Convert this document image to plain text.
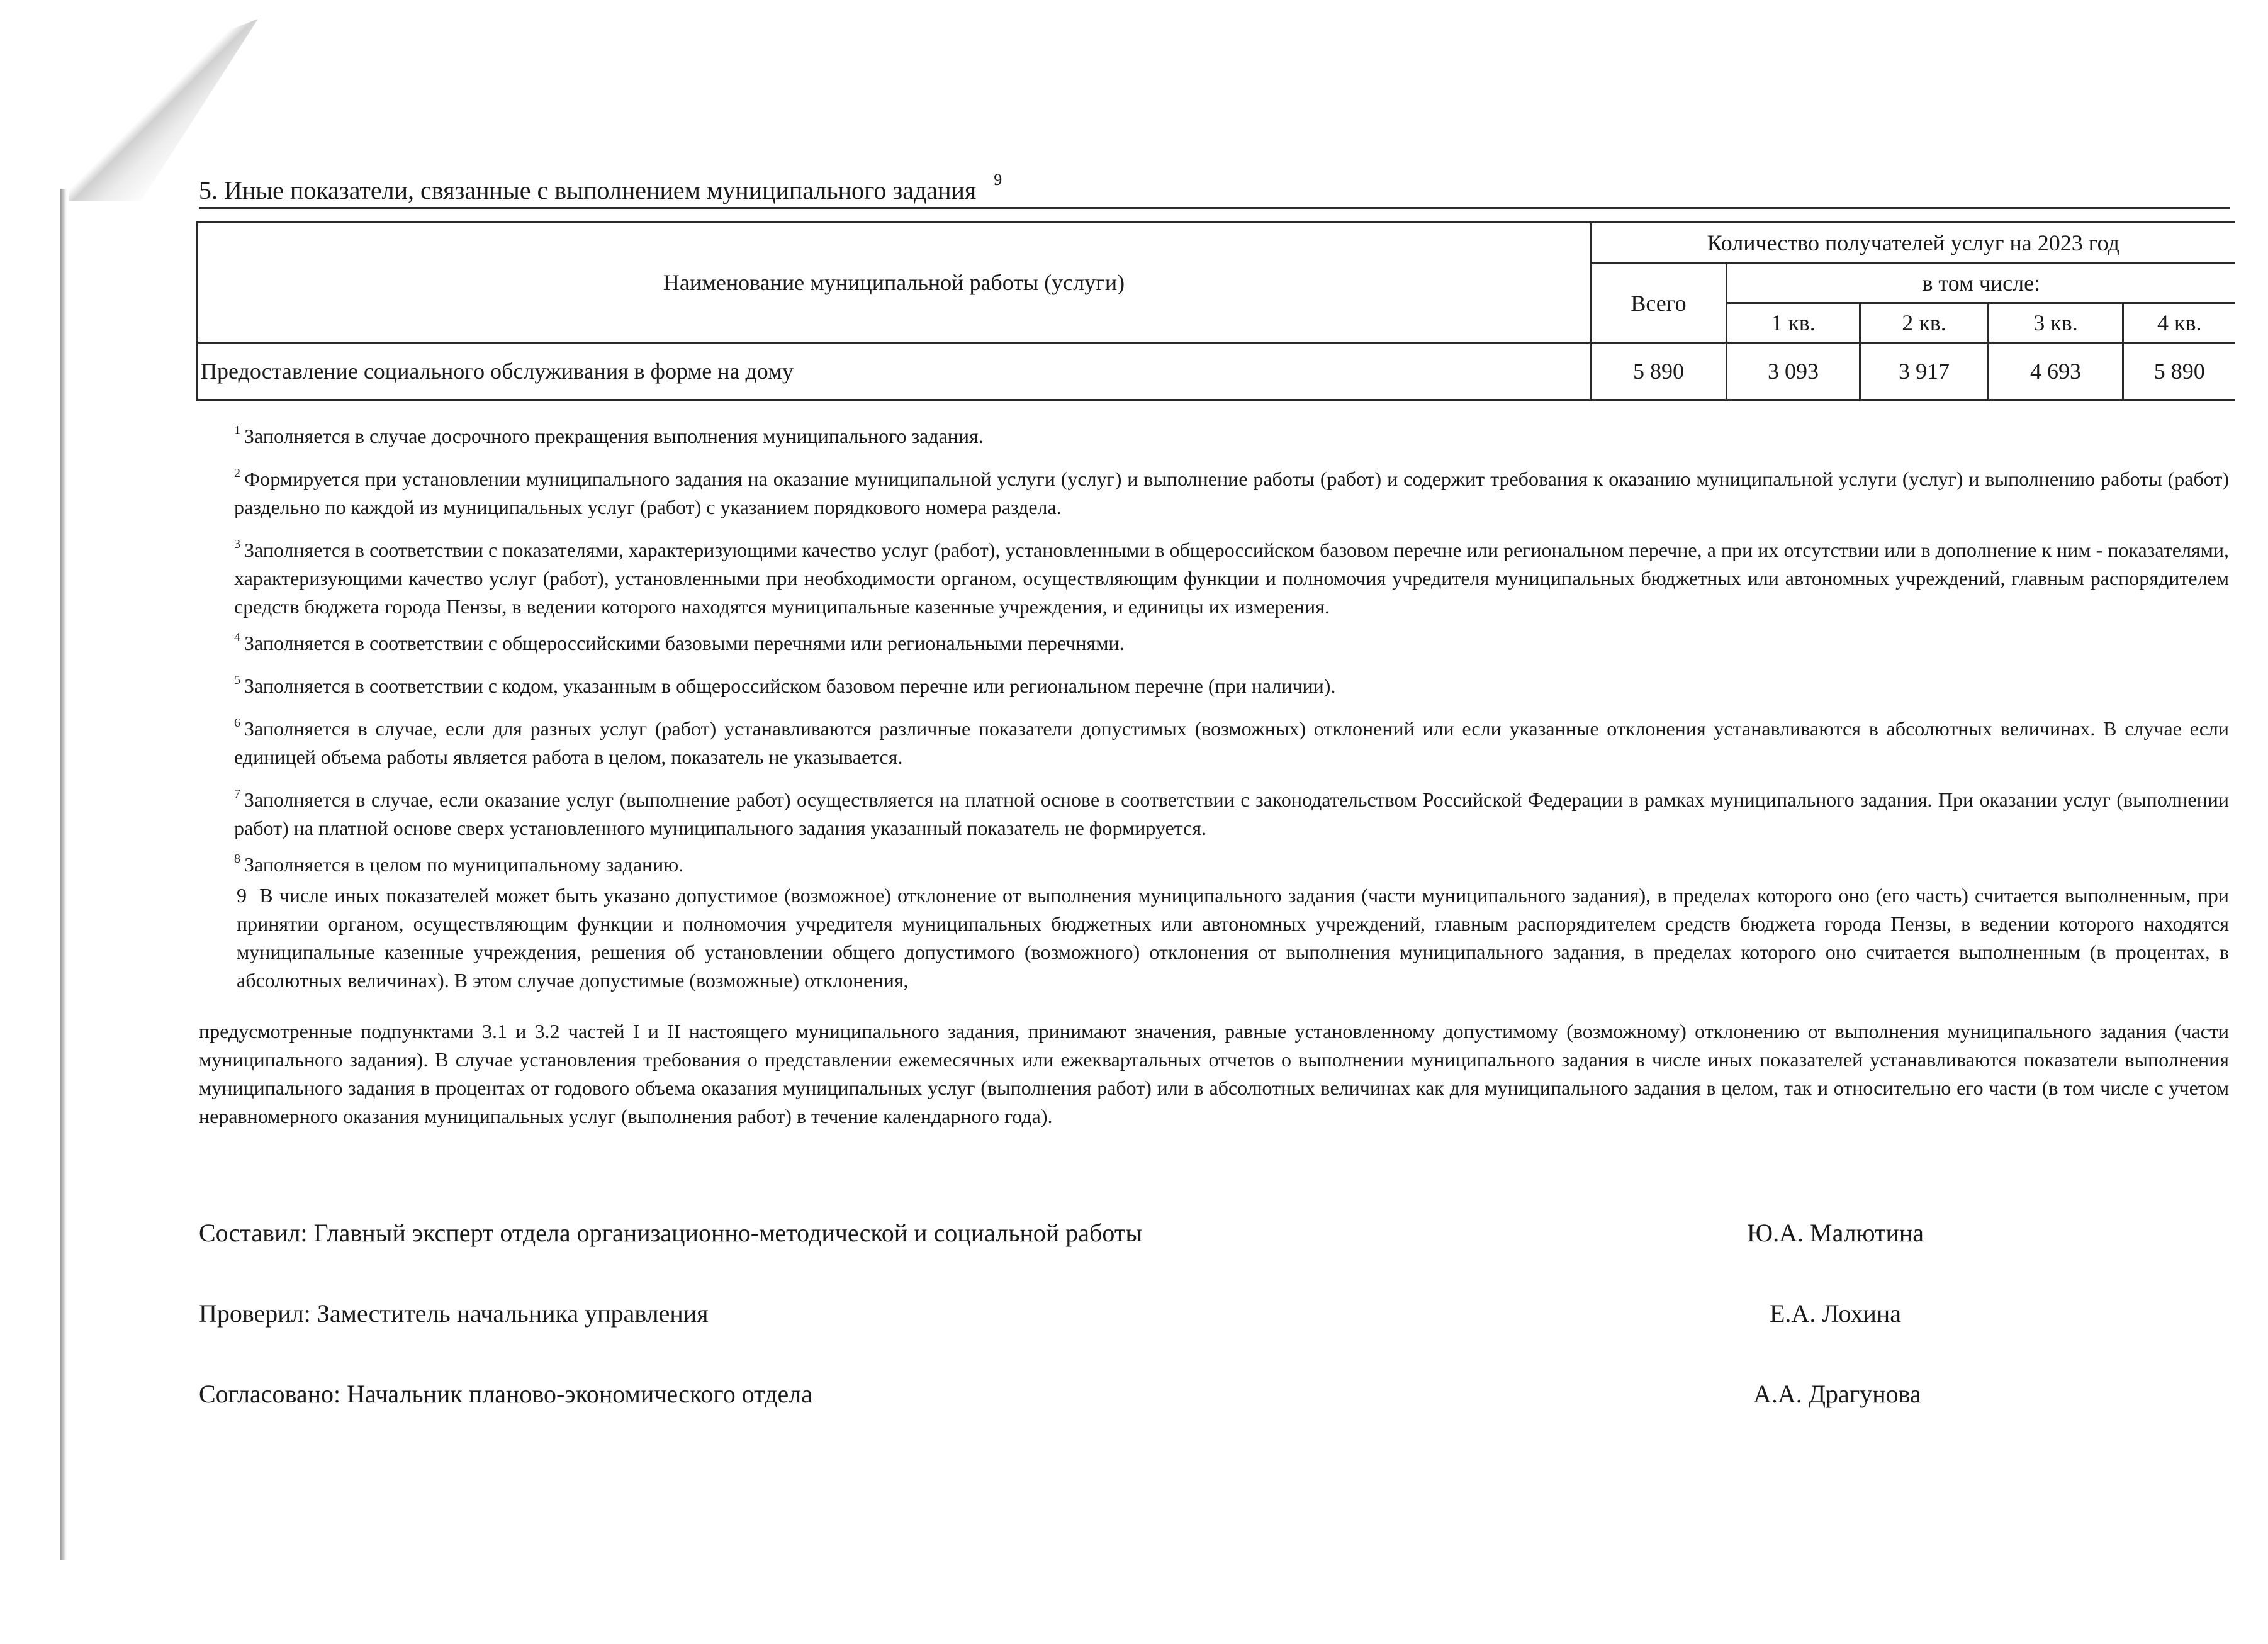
5. Иные показатели, связанные с выполнением муниципального задания $^9$
Наименование муниципальной работы (услуги)	Количество получателей услуг на 2023 год				
	Всего	в том числе:			
		1 кв.	2 кв.	3 кв.	4 кв.
Предоставление социального обслуживания в форме на дому	5 890	3 093	3 917	4 693	5 890

$^1$ Заполняется в случае досрочного прекращения выполнения муниципального задания.

$^2$ Формируется при установлении муниципального задания на оказание муниципальной услуги (услуг) и выполнение работы (работ) и содержит требования к оказанию муниципальной услуги (услуг) и выполнению работы (работ) раздельно по каждой из муниципальных услуг (работ) с указанием порядкового номера раздела.

$^3$ Заполняется в соответствии с показателями, характеризующими качество услуг (работ), установленными в общероссийском базовом перечне или региональном перечне, а при их отсутствии или в дополнение к ним - показателями, характеризующими качество услуг (работ), установленными при необходимости органом, осуществляющим функции и полномочия учредителя муниципальных бюджетных или автономных учреждений, главным распорядителем средств бюджета города Пензы, в ведении которого находятся муниципальные казенные учреждения, и единицы их измерения.

$^4$ Заполняется в соответствии с общероссийскими базовыми перечнями или региональными перечнями.

$^5$ Заполняется в соответствии с кодом, указанным в общероссийском базовом перечне или региональном перечне (при наличии).

$^6$ Заполняется в случае, если для разных услуг (работ) устанавливаются различные показатели допустимых (возможных) отклонений или если указанные отклонения устанавливаются в абсолютных величинах. В случае если единицей объема работы является работа в целом, показатель не указывается.

$^7$ Заполняется в случае, если оказание услуг (выполнение работ) осуществляется на платной основе в соответствии с законодательством Российской Федерации в рамках муниципального задания. При оказании услуг (выполнении работ) на платной основе сверх установленного муниципального задания указанный показатель не формируется.

$^8$ Заполняется в целом по муниципальному заданию.

9 В числе иных показателей может быть указано допустимое (возможное) отклонение от выполнения муниципального задания (части муниципального задания), в пределах которого оно (его часть) считается выполненным, при принятии органом, осуществляющим функции и полномочия учредителя муниципальных бюджетных или автономных учреждений, главным распорядителем средств бюджета города Пензы, в ведении которого находятся муниципальные казенные учреждения, решения об установлении общего допустимого (возможного) отклонения от выполнения муниципального задания, в пределах которого оно считается выполненным (в процентах, в абсолютных величинах). В этом случае допустимые (возможные) отклонения,

предусмотренные подпунктами 3.1 и 3.2 частей I и II настоящего муниципального задания, принимают значения, равные установленному допустимому (возможному) отклонению от выполнения муниципального задания (части муниципального задания). В случае установления требования о представлении ежемесячных или ежеквартальных отчетов о выполнении муниципального задания в числе иных показателей устанавливаются показатели выполнения муниципального задания в процентах от годового объема оказания муниципальных услуг (выполнения работ) или в абсолютных величинах как для муниципального задания в целом, так и относительно его части (в том числе с учетом неравномерного оказания муниципальных услуг (выполнения работ) в течение календарного года).

Составил: Главный эксперт отдела организационно-методической и социальной работы	Ю.А. Малютина
Проверил: Заместитель начальника управления	Е.А. Лохина
Согласовано: Начальник планово-экономического отдела	А.А. Драгунова
